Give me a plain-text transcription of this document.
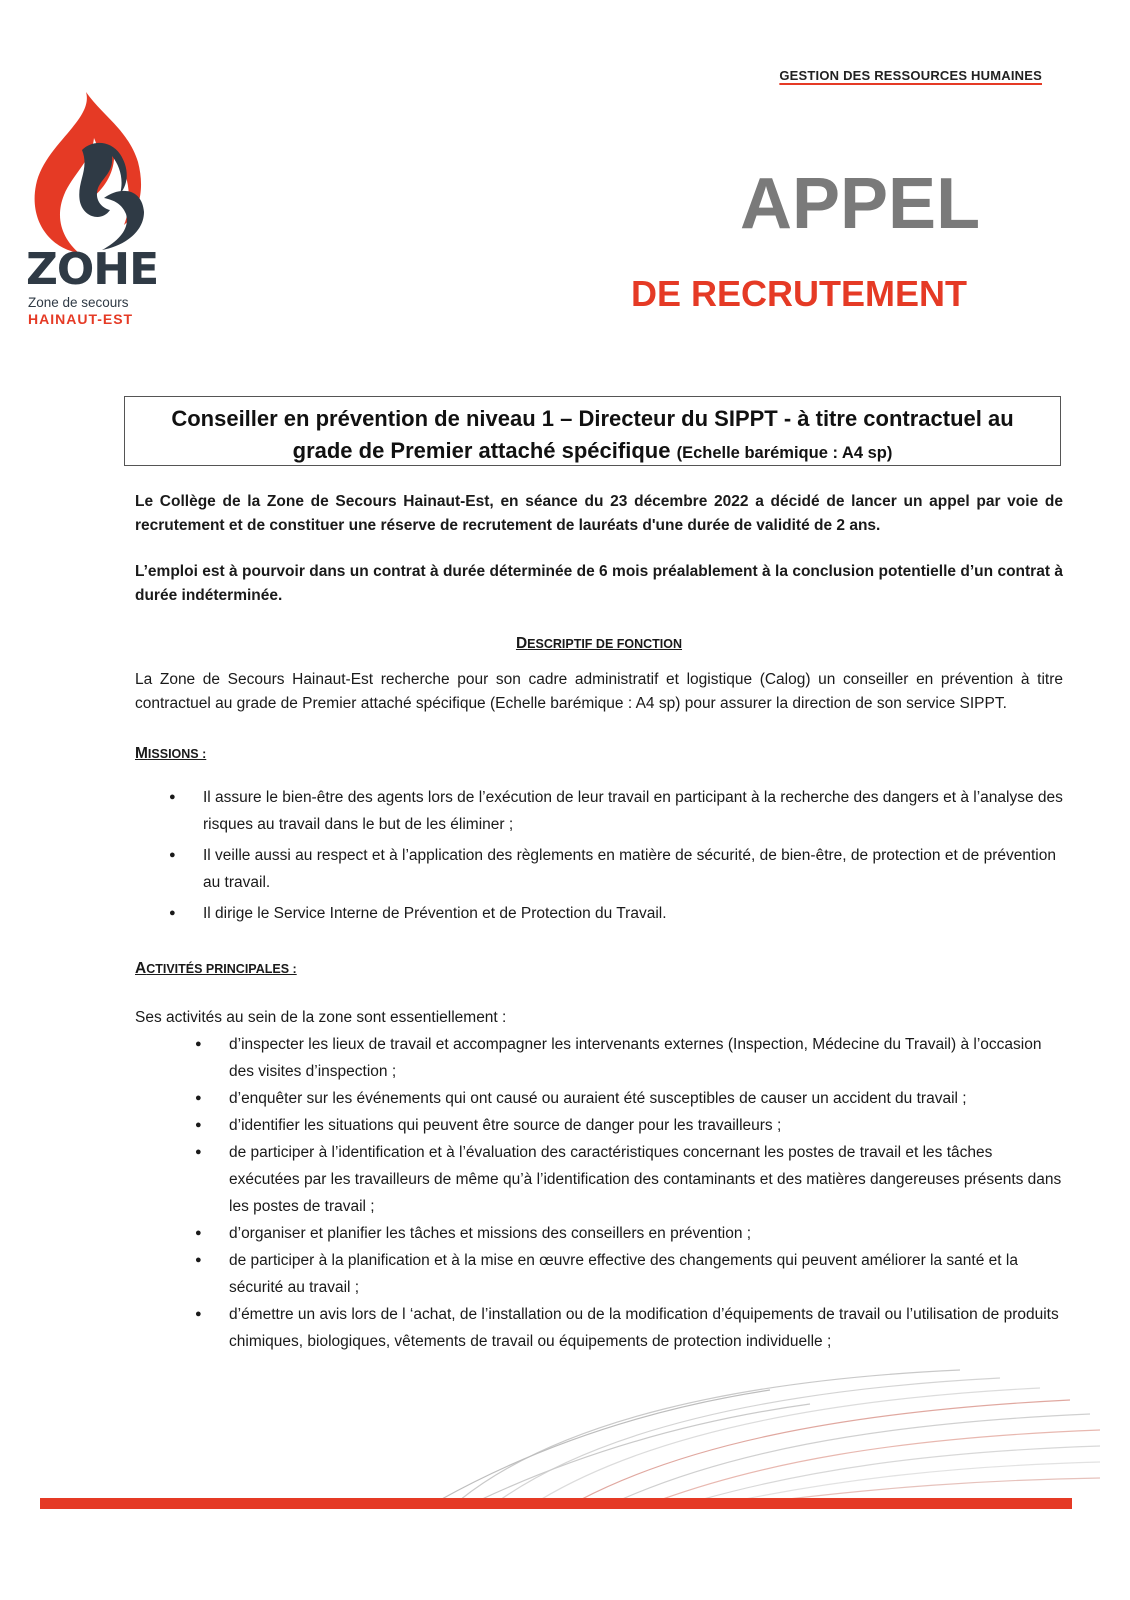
GESTION DES RESSOURCES HUMAINES
ZOHE
Zone de secours
HAINAUT-EST
APPEL
DE RECRUTEMENT
Conseiller en prévention de niveau 1 – Directeur du SIPPT - à titre contractuel au
grade de Premier attaché spécifique (Echelle barémique : A4 sp)

Le Collège de la Zone de Secours Hainaut-Est, en séance du 23 décembre 2022 a décidé de lancer un appel par voie de recrutement et de constituer une réserve de recrutement de lauréats d'une durée de validité de 2 ans.

L’emploi est à pourvoir dans un contrat à durée déterminée de 6 mois préalablement à la conclusion potentielle d’un contrat à durée indéterminée.

DESCRIPTIF DE FONCTION

La Zone de Secours Hainaut-Est recherche pour son cadre administratif et logistique (Calog) un conseiller en prévention à titre contractuel au grade de Premier attaché spécifique (Echelle barémique : A4 sp) pour assurer la direction de son service SIPPT.

MISSIONS :
● Il assure le bien-être des agents lors de l’exécution de leur travail en participant à la recherche des dangers et à l’analyse des risques au travail dans le but de les éliminer ;
● Il veille aussi au respect et à l’application des règlements en matière de sécurité, de bien-être, de protection et de prévention au travail.
● Il dirige le Service Interne de Prévention et de Protection du Travail.
ACTIVITÉS PRINCIPALES :

Ses activités au sein de la zone sont essentiellement :

● d’inspecter les lieux de travail et accompagner les intervenants externes (Inspection, Médecine du Travail) à l’occasion des visites d’inspection ;
● d’enquêter sur les événements qui ont causé ou auraient été susceptibles de causer un accident du travail ;
● d’identifier les situations qui peuvent être source de danger pour les travailleurs ;
● de participer à l’identification et à l’évaluation des caractéristiques concernant les postes de travail et les tâches exécutées par les travailleurs de même qu’à l’identification des contaminants et des matières dangereuses présents dans les postes de travail ;
● d’organiser et planifier les tâches et missions des conseillers en prévention ;
● de participer à la planification et à la mise en œuvre effective des changements qui peuvent améliorer la santé et la sécurité au travail ;
● d’émettre un avis lors de l ‘achat, de l’installation ou de la modification d’équipements de travail ou l’utilisation de produits chimiques, biologiques, vêtements de travail ou équipements de protection individuelle ;
